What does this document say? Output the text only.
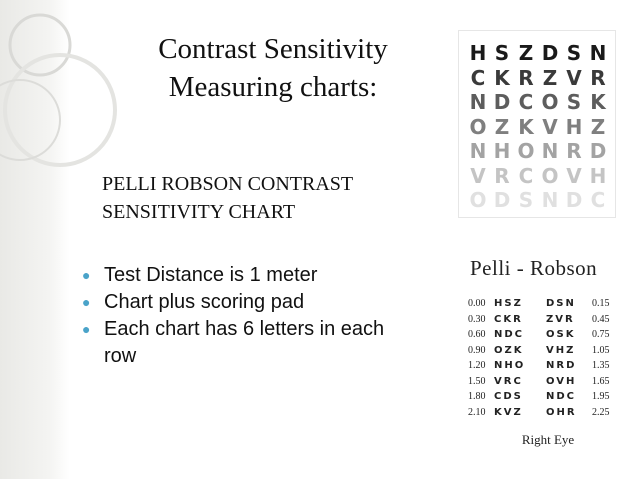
Contrast Sensitivity
Measuring charts:
PELLI ROBSON CONTRAST
SENSITIVITY CHART
● Test Distance is 1 meter
● Chart plus scoring pad
● Each chart has 6 letters in each row
H S Z D S N
C K R Z V R
N D C O S K
O Z K V H Z
N H O N R D
V R C O V H
O D S N D C
Pelli - Robson
0.00 HSZ	DSN	0.15
0.30 CKR	ZVR	0.45
0.60 NDC	OSK	0.75
0.90 OZK	VHZ	1.05
1.20 NHO	NRD	1.35
1.50 VRC	OVH	1.65
1.80 CDS	NDC	1.95
2.10 KVZ	OHR	2.25
Right Eye
